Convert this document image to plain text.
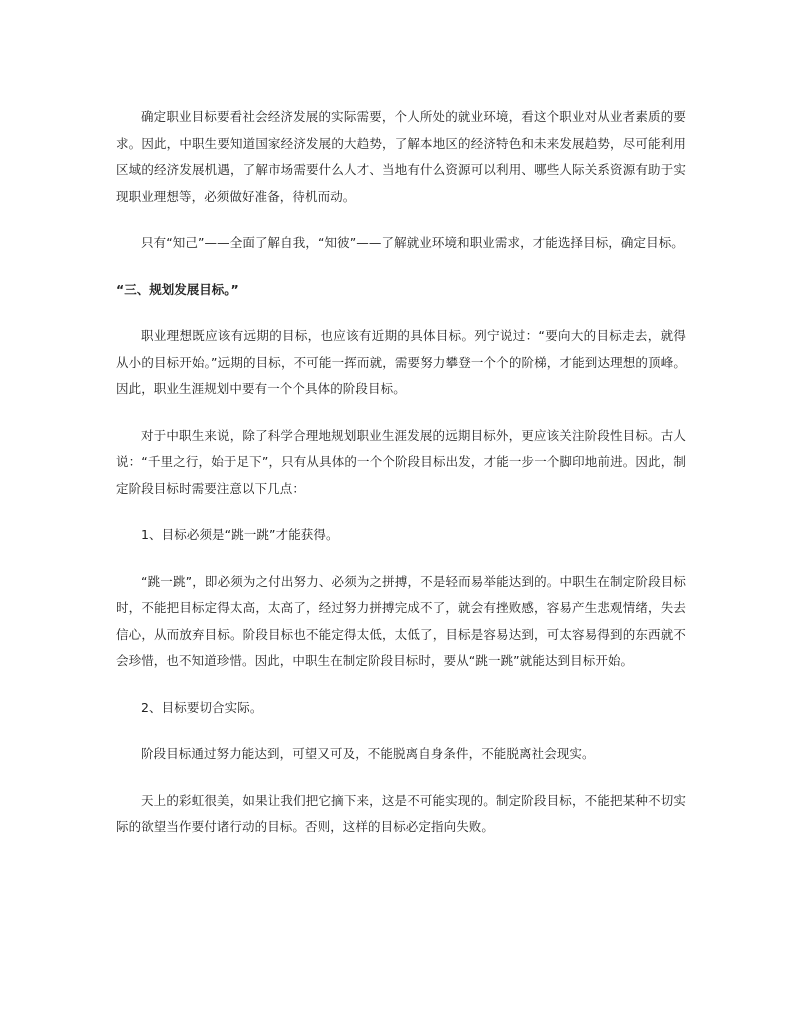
确定职业目标要看社会经济发展的实际需要，个人所处的就业环境，看这个职业对从业者素质的要求。因此，中职生要知道国家经济发展的大趋势，了解本地区的经济特色和未来发展趋势，尽可能利用区域的经济发展机遇，了解市场需要什么人才、当地有什么资源可以利用、哪些人际关系资源有助于实现职业理想等，必须做好准备，待机而动。

只有“知己”——全面了解自我，“知彼”——了解就业环境和职业需求，才能选择目标，确定目标。

“三、规划发展目标。”

职业理想既应该有远期的目标，也应该有近期的具体目标。列宁说过：“要向大的目标走去，就得从小的目标开始。”远期的目标，不可能一挥而就，需要努力攀登一个个的阶梯，才能到达理想的顶峰。因此，职业生涯规划中要有一个个具体的阶段目标。

对于中职生来说，除了科学合理地规划职业生涯发展的远期目标外，更应该关注阶段性目标。古人说：“千里之行，始于足下”，只有从具体的一个个阶段目标出发，才能一步一个脚印地前进。因此，制定阶段目标时需要注意以下几点：

1、目标必须是“跳一跳”才能获得。

“跳一跳”，即必须为之付出努力、必须为之拼搏，不是轻而易举能达到的。中职生在制定阶段目标时，不能把目标定得太高，太高了，经过努力拼搏完成不了，就会有挫败感，容易产生悲观情绪，失去信心，从而放弃目标。阶段目标也不能定得太低，太低了，目标是容易达到，可太容易得到的东西就不会珍惜，也不知道珍惜。因此，中职生在制定阶段目标时，要从“跳一跳”就能达到目标开始。

2、目标要切合实际。

阶段目标通过努力能达到，可望又可及，不能脱离自身条件，不能脱离社会现实。

天上的彩虹很美，如果让我们把它摘下来，这是不可能实现的。制定阶段目标，不能把某种不切实际的欲望当作要付诸行动的目标。否则，这样的目标必定指向失败。
